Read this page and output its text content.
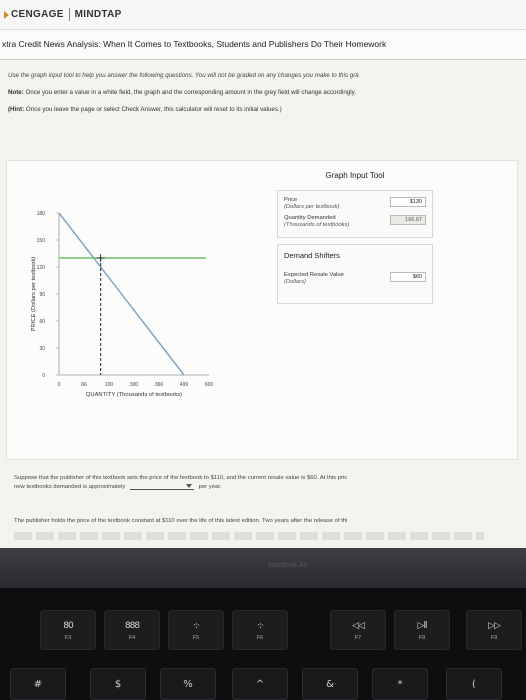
CENGAGE MINDTAP
xtra Credit News Analysis: When It Comes to Textbooks, Students and Publishers Do Their Homework

Use the graph input tool to help you answer the following questions. You will not be graded on any changes you make to this gra

Note: Once you enter a value in a white field, the graph and the corresponding amount in the grey field will change accordingly.

(Hint: Once you leave the page or select Check Answer, this calculator will reset to its initial values.)

0
30
60
90
120
150
180
0	66	100	300	366	499	600
QUANTITY (Thousands of textbooks)
PRICE (Dollars per textbook)
Graph Input Tool
Price
(Dollars per textbook)
$130
Quantity Demanded
(Thousands of textbooks)
166.67
Demand Shifters
Expected Resale Value
(Dollars)
$60
Suppose that the publisher of this textbook sets the price of the textbook to $110, and the current resale value is $60. At this pric
new textbooks demanded is approximately	per year.
The publisher holds the price of the textbook constant at $110 over the life of this latest edition. Two years after the release of thi
MacBook Air
80
F3
888
F4
·:·
F5
·:·
F6
◁◁
F7
▷ll
F8
▷▷
F9
#	$	%	^	&	*	(
